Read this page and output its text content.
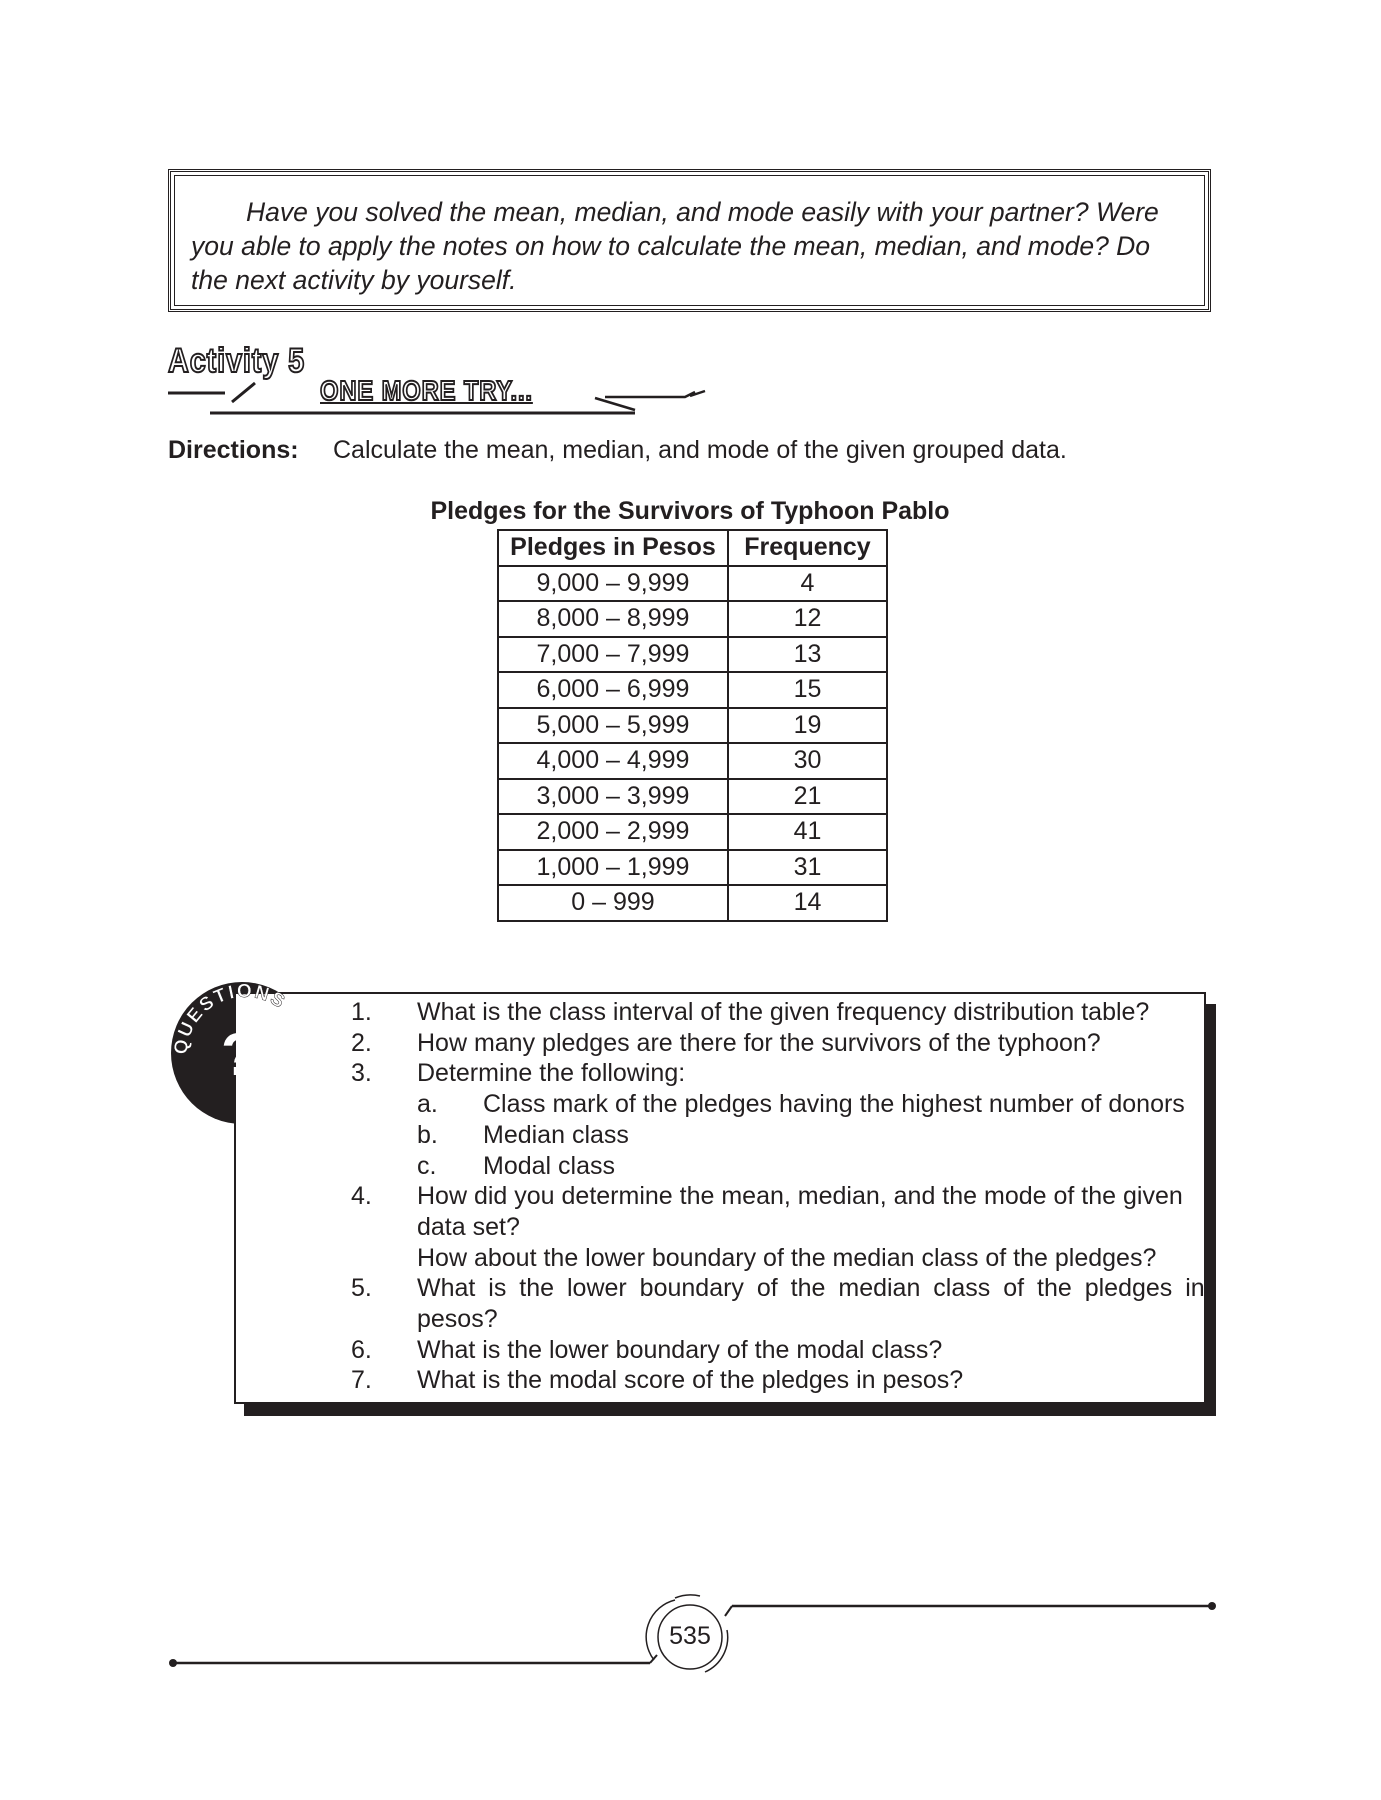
Have you solved the mean, median, and mode easily with your partner? Were you able to apply the notes on how to calculate the mean, median, and mode? Do the next activity by yourself.
Activity 5
ONE MORE TRY...
Directions: Calculate the mean, median, and mode of the given grouped data.
Pledges for the Survivors of Typhoon Pablo
Pledges in Pesos	Frequency
9,000 – 9,999	4
8,000 – 8,999	12
7,000 – 7,999	13
6,000 – 6,999	15
5,000 – 5,999	19
4,000 – 4,999	30
3,000 – 3,999	21
2,000 – 2,999	41
1,000 – 1,999	31
0 – 999	14
?
QUESTIONS 1. What is the class interval of the given frequency distribution table?
2. How many pledges are there for the survivors of the typhoon?
3. Determine the following:
a. Class mark of the pledges having the highest number of donors
b. Median class
c. Modal class
4. How did you determine the mean, median, and the mode of the given
data set?
How about the lower boundary of the median class of the pledges?
5. What is the lower boundary of the median class of the pledges in
pesos?
6. What is the lower boundary of the modal class?
7. What is the modal score of the pledges in pesos?
535
